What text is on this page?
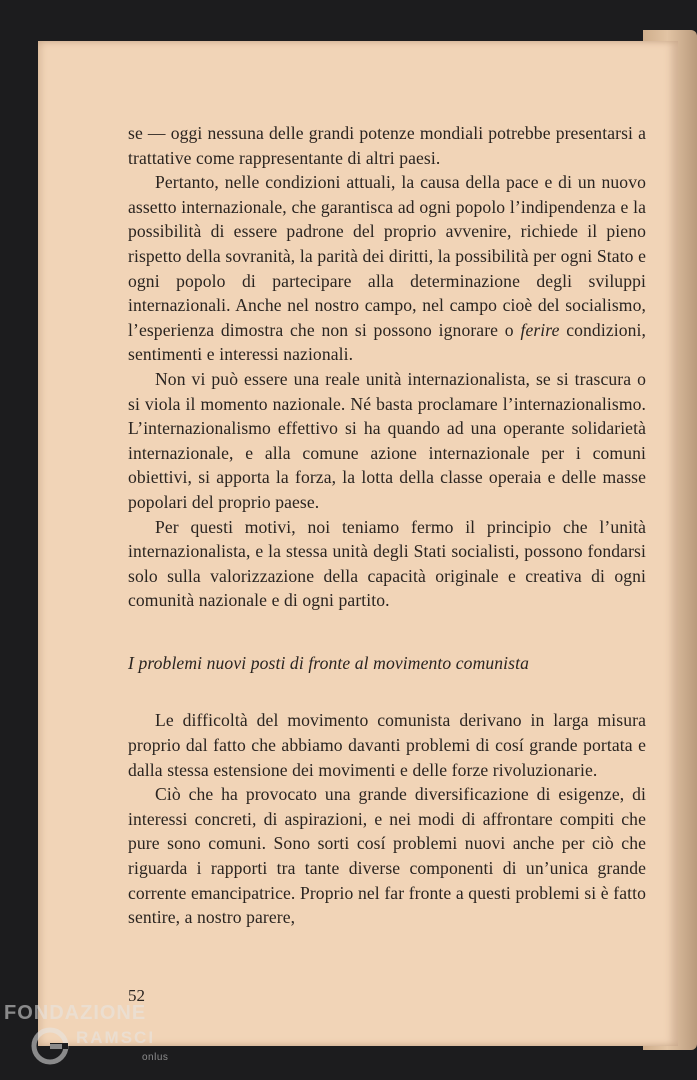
se — oggi nessuna delle grandi potenze mondiali potrebbe presentarsi a trattative come rappresentante di altri paesi.

Pertanto, nelle condizioni attuali, la causa della pace e di un nuovo assetto internazionale, che garantisca ad ogni popolo l’indipendenza e la possibilità di essere padrone del proprio avvenire, richiede il pieno rispetto della sovranità, la parità dei diritti, la possibilità per ogni Stato e ogni popolo di partecipare alla determinazione degli sviluppi internazionali. Anche nel nostro campo, nel campo cioè del socialismo, l’esperienza dimostra che non si possono ignorare o ferire condizioni, sentimenti e interessi nazionali.

Non vi può essere una reale unità internazionalista, se si trascura o si viola il momento nazionale. Né basta proclamare l’internazionalismo. L’internazionalismo effettivo si ha quando ad una operante solidarietà internazionale, e alla comune azione internazionale per i comuni obiettivi, si apporta la forza, la lotta della classe operaia e delle masse popolari del proprio paese.

Per questi motivi, noi teniamo fermo il principio che l’unità internazionalista, e la stessa unità degli Stati socialisti, possono fondarsi solo sulla valorizzazione della capacità originale e creativa di ogni comunità nazionale e di ogni partito.

I problemi nuovi posti di fronte al movimento comunista

Le difficoltà del movimento comunista derivano in larga misura proprio dal fatto che abbiamo davanti problemi di cosí grande portata e dalla stessa estensione dei movimenti e delle forze rivoluzionarie.

Ciò che ha provocato una grande diversificazione di esigenze, di interessi concreti, di aspirazioni, e nei modi di affrontare compiti che pure sono comuni. Sono sorti cosí problemi nuovi anche per ciò che riguarda i rapporti tra tante diverse componenti di un’unica grande corrente emancipatrice. Proprio nel far fronte a questi problemi si è fatto sentire, a nostro parere,

52
FONDAZIONE
RAMSCI
onlus
